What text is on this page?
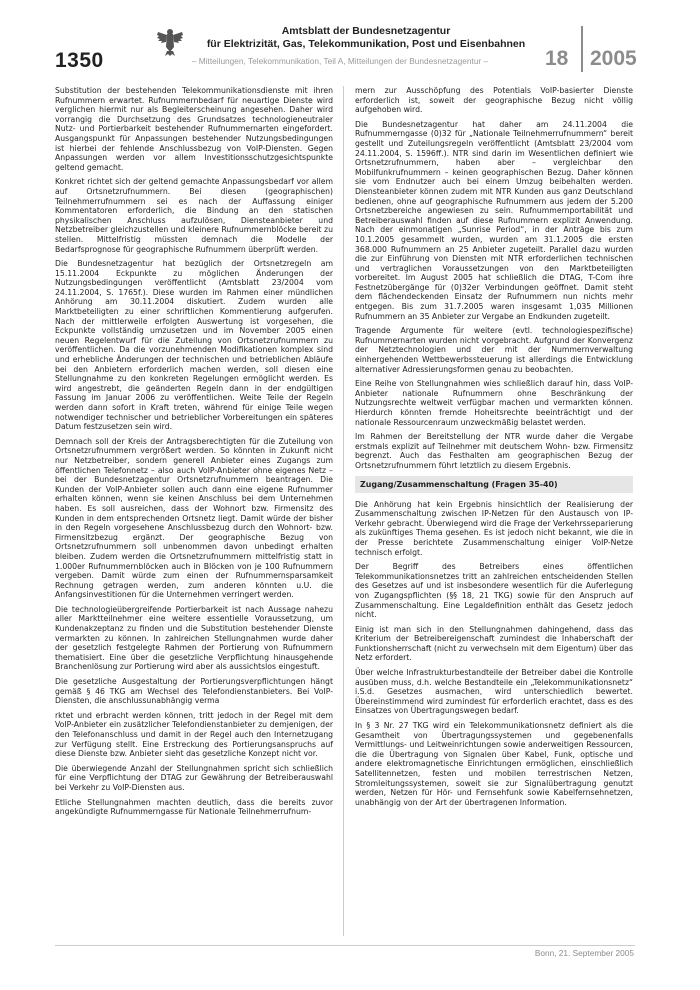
1350
Amtsblatt der Bundesnetzagentur
für Elektrizität, Gas, Telekommunikation, Post und Eisenbahnen
– Mitteilungen, Telekommunikation, Teil A, Mitteilungen der Bundesnetzagentur –	18 2005

Substitution der bestehenden Telekommunikationsdienste mit ihren Rufnummern erwartet. Rufnummernbedarf für neuartige Dienste wird verglichen hiermit nur als Begleiterscheinung angesehen. Daher wird vorrangig die Durchsetzung des Grundsatzes technologieneutraler Nutz- und Portierbarkeit bestehender Rufnummernarten eingefordert. Ausgangspunkt für Anpassungen bestehender Nutzungsbedingungen ist hierbei der fehlende Anschlussbezug von VoIP-Diensten. Gegen Anpassungen werden vor allem Investitionsschutzgesichtspunkte geltend gemacht.

Konkret richtet sich der geltend gemachte Anpassungsbedarf vor allem auf Ortsnetzrufnummern. Bei diesen (geographischen) Teilnehmerrufnummern sei es nach der Auffassung einiger Kommentatoren erforderlich, die Bindung an den statischen physikalischen Anschluss aufzulösen, Diensteanbieter und Netzbetreiber gleichzustellen und kleinere Rufnummernblöcke bereit zu stellen. Mittelfristig müssten demnach die Modelle der Bedarfsprognose für geographische Rufnummern überprüft werden.

Die Bundesnetzagentur hat bezüglich der Ortsnetzregeln am 15.11.2004 Eckpunkte zu möglichen Änderungen der Nutzungsbedingungen veröffentlicht (Amtsblatt 23/2004 vom 24.11.2004, S. 1765f.). Diese wurden im Rahmen einer mündlichen Anhörung am 30.11.2004 diskutiert. Zudem wurden alle Marktbeteiligten zu einer schriftlichen Kommentierung aufgerufen. Nach der mittlerweile erfolgten Auswertung ist vorgesehen, die Eckpunkte vollständig umzusetzen und im November 2005 einen neuen Regelentwurf für die Zuteilung von Ortsnetzrufnummern zu veröffentlichen. Da die vorzunehmenden Modifikationen komplex sind und erhebliche Änderungen der technischen und betrieblichen Abläufe bei den Anbietern erforderlich machen werden, soll diesen eine Stellungnahme zu den konkreten Regelungen ermöglicht werden. Es wird angestrebt, die geänderten Regeln dann in der endgültigen Fassung im Januar 2006 zu veröffentlichen. Weite Teile der Regeln werden dann sofort in Kraft treten, während für einige Teile wegen notwendiger technischer und betrieblicher Vorbereitungen ein späteres Datum festzusetzen sein wird.

Demnach soll der Kreis der Antragsberechtigten für die Zuteilung von Ortsnetzrufnummern vergrößert werden. So könnten in Zukunft nicht nur Netzbetreiber, sondern generell Anbieter eines Zugangs zum öffentlichen Telefonnetz – also auch VoIP-Anbieter ohne eigenes Netz – bei der Bundesnetzagentur Ortsnetzrufnummern beantragen. Die Kunden der VoIP-Anbieter sollen auch dann eine eigene Rufnummer erhalten können, wenn sie keinen Anschluss bei dem Unternehmen haben. Es soll ausreichen, dass der Wohnort bzw. Firmensitz des Kunden in dem entsprechenden Ortsnetz liegt. Damit würde der bisher in den Regeln vorgesehene Anschlussbezug durch den Wohnort- bzw. Firmensitzbezug ergänzt. Der geographische Bezug von Ortsnetzrufnummern soll unbenommen davon unbedingt erhalten bleiben. Zudem werden die Ortsnetzrufnummern mittelfristig statt in 1.000er Rufnummernblöcken auch in Blöcken von je 100 Rufnummern vergeben. Damit würde zum einen der Rufnummernsparsamkeit Rechnung getragen werden, zum anderen könnten u.U. die Anfangsinvestitionen für die Unternehmen verringert werden.

Die technologieübergreifende Portierbarkeit ist nach Aussage nahezu aller Marktteilnehmer eine weitere essentielle Voraussetzung, um Kundenakzeptanz zu finden und die Substitution bestehender Dienste vermarkten zu können. In zahlreichen Stellungnahmen wurde daher der gesetzlich festgelegte Rahmen der Portierung von Rufnummern thematisiert. Eine über die gesetzliche Verpflichtung hinausgehende Branchenlösung zur Portierung wird aber als aussichtslos eingestuft.

Die gesetzliche Ausgestaltung der Portierungsverpflichtungen hängt gemäß § 46 TKG am Wechsel des Telefondienstanbieters. Bei VoIP-Diensten, die anschlussunabhängig verma

rktet und erbracht werden können, tritt jedoch in der Regel mit dem VoIP-Anbieter ein zusätzlicher Telefondienstanbieter zu demjenigen, der den Telefonanschluss und damit in der Regel auch den Internetzugang zur Verfügung stellt. Eine Erstreckung des Portierungsanspruchs auf diese Dienste bzw. Anbieter sieht das gesetzliche Konzept nicht vor.

Die überwiegende Anzahl der Stellungnahmen spricht sich schließlich für eine Verpflichtung der DTAG zur Gewährung der Betreiberauswahl bei Verkehr zu VoIP-Diensten aus.

Etliche Stellungnahmen machten deutlich, dass die bereits zuvor angekündigte Rufnummerngasse für Nationale Teilnehmerrufnum-

mern zur Ausschöpfung des Potentials VoIP-basierter Dienste erforderlich ist, soweit der geographische Bezug nicht völlig aufgehoben wird.

Die Bundesnetzagentur hat daher am 24.11.2004 die Rufnummerngasse (0)32 für „Nationale Teilnehmerrufnummern“ bereit gestellt und Zuteilungsregeln veröffentlicht (Amtsblatt 23/2004 vom 24.11.2004, S. 1596ff.). NTR sind darin im Wesentlichen definiert wie Ortsnetzrufnummern, haben aber – vergleichbar den Mobilfunkrufnummern – keinen geographischen Bezug. Daher können sie vom Endnutzer auch bei einem Umzug beibehalten werden. Diensteanbieter können zudem mit NTR Kunden aus ganz Deutschland bedienen, ohne auf geographische Rufnummern aus jedem der 5.200 Ortsnetzbereiche angewiesen zu sein. Rufnummernportabilität und Betreiberauswahl finden auf diese Rufnummern explizit Anwendung. Nach der einmonatigen „Sunrise Period“, in der Anträge bis zum 10.1.2005 gesammelt wurden, wurden am 31.1.2005 die ersten 368.000 Rufnummern an 25 Anbieter zugeteilt. Parallel dazu wurden die zur Einführung von Diensten mit NTR erforderlichen technischen und vertraglichen Voraussetzungen von den Marktbeteiligten vorbereitet. Im August 2005 hat schließlich die DTAG, T-Com ihre Festnetzübergänge für (0)32er Verbindungen geöffnet. Damit steht dem flächendeckenden Einsatz der Rufnummern nun nichts mehr entgegen. Bis zum 31.7.2005 waren insgesamt 1,035 Millionen Rufnummern an 35 Anbieter zur Vergabe an Endkunden zugeteilt.

Tragende Argumente für weitere (evtl. technologiespezifische) Rufnummernarten wurden nicht vorgebracht. Aufgrund der Konvergenz der Netztechnologien und der mit der Nummernverwaltung einhergehenden Wettbewerbssteuerung ist allerdings die Entwicklung alternativer Adressierungsformen genau zu beobachten.

Eine Reihe von Stellungnahmen wies schließlich darauf hin, dass VoIP-Anbieter nationale Rufnummern ohne Beschränkung der Nutzungsrechte weltweit verfügbar machen und vermarkten können. Hierdurch könnten fremde Hoheitsrechte beeinträchtigt und der nationale Ressourcenraum unzweckmäßig belastet werden.

Im Rahmen der Bereitstellung der NTR wurde daher die Vergabe erstmals explizit auf Teilnehmer mit deutschem Wohn- bzw. Firmensitz begrenzt. Auch das Festhalten am geographischen Bezug der Ortsnetzrufnummern führt letztlich zu diesem Ergebnis.

Zugang/Zusammenschaltung (Fragen 35-40)

Die Anhörung hat kein Ergebnis hinsichtlich der Realisierung der Zusammenschaltung zwischen IP-Netzen für den Austausch von IP-Verkehr gebracht. Überwiegend wird die Frage der Verkehrsseparierung als zukünftiges Thema gesehen. Es ist jedoch nicht bekannt, wie die in der Presse berichtete Zusammenschaltung einiger VoIP-Netze technisch erfolgt.

Der Begriff des Betreibers eines öffentlichen Telekommunikationsnetzes tritt an zahlreichen entscheidenden Stellen des Gesetzes auf und ist insbesondere wesentlich für die Auferlegung von Zugangspflichten (§§ 18, 21 TKG) sowie für den Anspruch auf Zusammenschaltung. Eine Legaldefinition enthält das Gesetz jedoch nicht.

Einig ist man sich in den Stellungnahmen dahingehend, dass das Kriterium der Betreibereigenschaft zumindest die Inhaberschaft der Funktionsherrschaft (nicht zu verwechseln mit dem Eigentum) über das Netz erfordert.

Über welche Infrastrukturbestandteile der Betreiber dabei die Kontrolle ausüben muss, d.h. welche Bestandteile ein „Telekommunikationsnetz“ i.S.d. Gesetzes ausmachen, wird unterschiedlich bewertet. Übereinstimmend wird zumindest für erforderlich erachtet, dass es des Einsatzes von Übertragungswegen bedarf.

In § 3 Nr. 27 TKG wird ein Telekommunikationsnetz definiert als die Gesamtheit von Übertragungssystemen und gegebenenfalls Vermittlungs- und Leitweinrichtungen sowie anderweitigen Ressourcen, die die Übertragung von Signalen über Kabel, Funk, optische und andere elektromagnetische Einrichtungen ermöglichen, einschließlich Satellitennetzen, festen und mobilen terrestrischen Netzen, Stromleitungssystemen, soweit sie zur Signalübertragung genutzt werden, Netzen für Hör- und Fernsehfunk sowie Kabelfernsehnetzen, unabhängig von der Art der übertragenen Information.

Bonn, 21. September 2005
